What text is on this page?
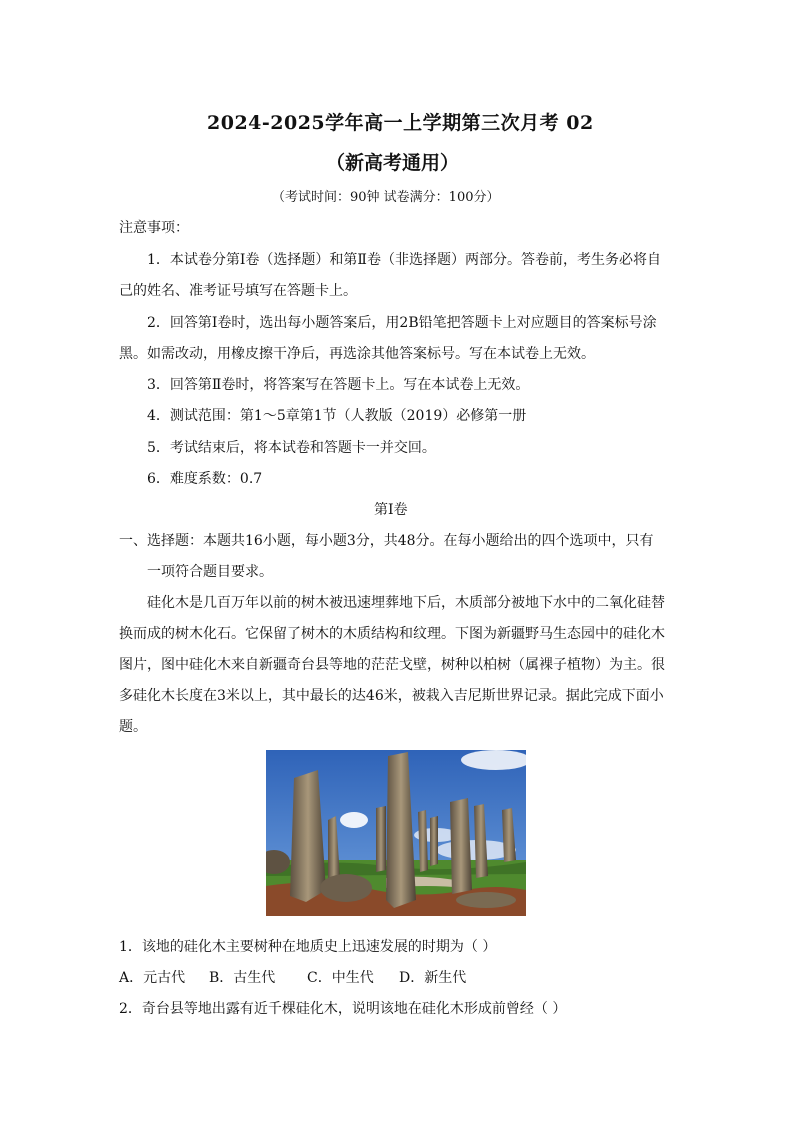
2024-2025学年高一上学期第三次月考 02
（新高考通用）
（考试时间：90钟 试卷满分：100分）
注意事项：
1．本试卷分第Ⅰ卷（选择题）和第Ⅱ卷（非选择题）两部分。答卷前，考生务必将自
己的姓名、准考证号填写在答题卡上。
2．回答第Ⅰ卷时，选出每小题答案后，用2B铅笔把答题卡上对应题目的答案标号涂
黑。如需改动，用橡皮擦干净后，再选涂其他答案标号。写在本试卷上无效。
3．回答第Ⅱ卷时，将答案写在答题卡上。写在本试卷上无效。
4．测试范围：第1～5章第1节（人教版（2019）必修第一册
5．考试结束后，将本试卷和答题卡一并交回。
6．难度系数：0.7
第Ⅰ卷
一、选择题：本题共16小题，每小题3分，共48分。在每小题给出的四个选项中，只有
一项符合题目要求。
硅化木是几百万年以前的树木被迅速埋葬地下后，木质部分被地下水中的二氧化硅替
换而成的树木化石。它保留了树木的木质结构和纹理。下图为新疆野马生态园中的硅化木
图片，图中硅化木来自新疆奇台县等地的茫茫戈壁，树种以柏树（属裸子植物）为主。很
多硅化木长度在3米以上，其中最长的达46米，被栽入吉尼斯世界记录。据此完成下面小
题。
1．该地的硅化木主要树种在地质史上迅速发展的时期为（ ）
A．元古代 B．古生代 C．中生代 D．新生代
2．奇台县等地出露有近千棵硅化木，说明该地在硅化木形成前曾经（ ）
